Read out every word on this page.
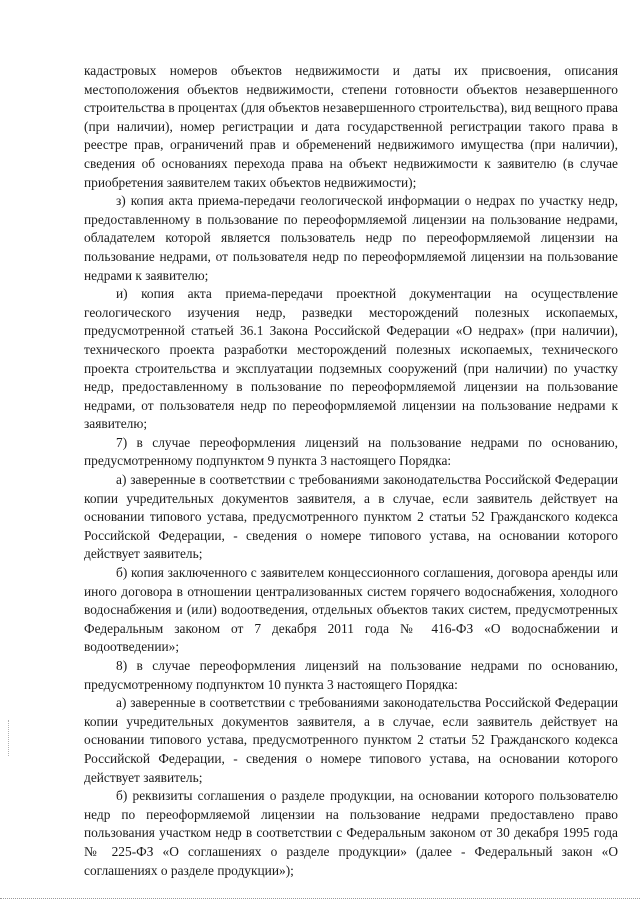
кадастровых номеров объектов недвижимости и даты их присвоения, описания местоположения объектов недвижимости, степени готовности объектов незавершенного строительства в процентах (для объектов незавершенного строительства), вид вещного права (при наличии), номер регистрации и дата государственной регистрации такого права в реестре прав, ограничений прав и обременений недвижимого имущества (при наличии), сведения об основаниях перехода права на объект недвижимости к заявителю (в случае приобретения заявителем таких объектов недвижимости);

з) копия акта приема-передачи геологической информации о недрах по участку недр, предоставленному в пользование по переоформляемой лицензии на пользование недрами, обладателем которой является пользователь недр по переоформляемой лицензии на пользование недрами, от пользователя недр по переоформляемой лицензии на пользование недрами к заявителю;

и) копия акта приема-передачи проектной документации на осуществление геологического изучения недр, разведки месторождений полезных ископаемых, предусмотренной статьей 36.1 Закона Российской Федерации «О недрах» (при наличии), технического проекта разработки месторождений полезных ископаемых, технического проекта строительства и эксплуатации подземных сооружений (при наличии) по участку недр, предоставленному в пользование по переоформляемой лицензии на пользование недрами, от пользователя недр по переоформляемой лицензии на пользование недрами к заявителю;

7) в случае переоформления лицензий на пользование недрами по основанию, предусмотренному подпунктом 9 пункта 3 настоящего Порядка:

а) заверенные в соответствии с требованиями законодательства Российской Федерации копии учредительных документов заявителя, а в случае, если заявитель действует на основании типового устава, предусмотренного пунктом 2 статьи 52 Гражданского кодекса Российской Федерации, - сведения о номере типового устава, на основании которого действует заявитель;

б) копия заключенного с заявителем концессионного соглашения, договора аренды или иного договора в отношении централизованных систем горячего водоснабжения, холодного водоснабжения и (или) водоотведения, отдельных объектов таких систем, предусмотренных Федеральным законом от 7 декабря 2011 года № 416-ФЗ «О водоснабжении и водоотведении»;

8) в случае переоформления лицензий на пользование недрами по основанию, предусмотренному подпунктом 10 пункта 3 настоящего Порядка:

а) заверенные в соответствии с требованиями законодательства Российской Федерации копии учредительных документов заявителя, а в случае, если заявитель действует на основании типового устава, предусмотренного пунктом 2 статьи 52 Гражданского кодекса Российской Федерации, - сведения о номере типового устава, на основании которого действует заявитель;

б) реквизиты соглашения о разделе продукции, на основании которого пользователю недр по переоформляемой лицензии на пользование недрами предоставлено право пользования участком недр в соответствии с Федеральным законом от 30 декабря 1995 года № 225-ФЗ «О соглашениях о разделе продукции» (далее - Федеральный закон «О соглашениях о разделе продукции»);
